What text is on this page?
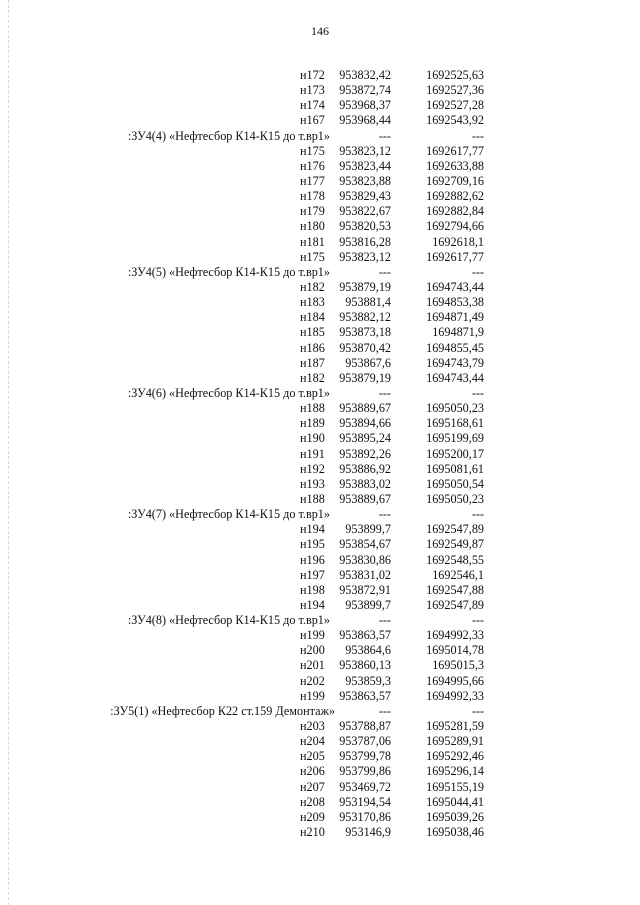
146
н172	953832,42	1692525,63
н173	953872,74	1692527,36
н174	953968,37	1692527,28
н167	953968,44	1692543,92
:ЗУ4(4) «Нефтесбор К14-К15 до т.вр1»	---	---
н175	953823,12	1692617,77
н176	953823,44	1692633,88
н177	953823,88	1692709,16
н178	953829,43	1692882,62
н179	953822,67	1692882,84
н180	953820,53	1692794,66
н181	953816,28	1692618,1
н175	953823,12	1692617,77
:ЗУ4(5) «Нефтесбор К14-К15 до т.вр1»	---	---
н182	953879,19	1694743,44
н183	953881,4	1694853,38
н184	953882,12	1694871,49
н185	953873,18	1694871,9
н186	953870,42	1694855,45
н187	953867,6	1694743,79
н182	953879,19	1694743,44
:ЗУ4(6) «Нефтесбор К14-К15 до т.вр1»	---	---
н188	953889,67	1695050,23
н189	953894,66	1695168,61
н190	953895,24	1695199,69
н191	953892,26	1695200,17
н192	953886,92	1695081,61
н193	953883,02	1695050,54
н188	953889,67	1695050,23
:ЗУ4(7) «Нефтесбор К14-К15 до т.вр1»	---	---
н194	953899,7	1692547,89
н195	953854,67	1692549,87
н196	953830,86	1692548,55
н197	953831,02	1692546,1
н198	953872,91	1692547,88
н194	953899,7	1692547,89
:ЗУ4(8) «Нефтесбор К14-К15 до т.вр1»	---	---
н199	953863,57	1694992,33
н200	953864,6	1695014,78
н201	953860,13	1695015,3
н202	953859,3	1694995,66
н199	953863,57	1694992,33
:ЗУ5(1) «Нефтесбор К22 ст.159 Демонтаж»	---	---
н203	953788,87	1695281,59
н204	953787,06	1695289,91
н205	953799,78	1695292,46
н206	953799,86	1695296,14
н207	953469,72	1695155,19
н208	953194,54	1695044,41
н209	953170,86	1695039,26
н210	953146,9	1695038,46
